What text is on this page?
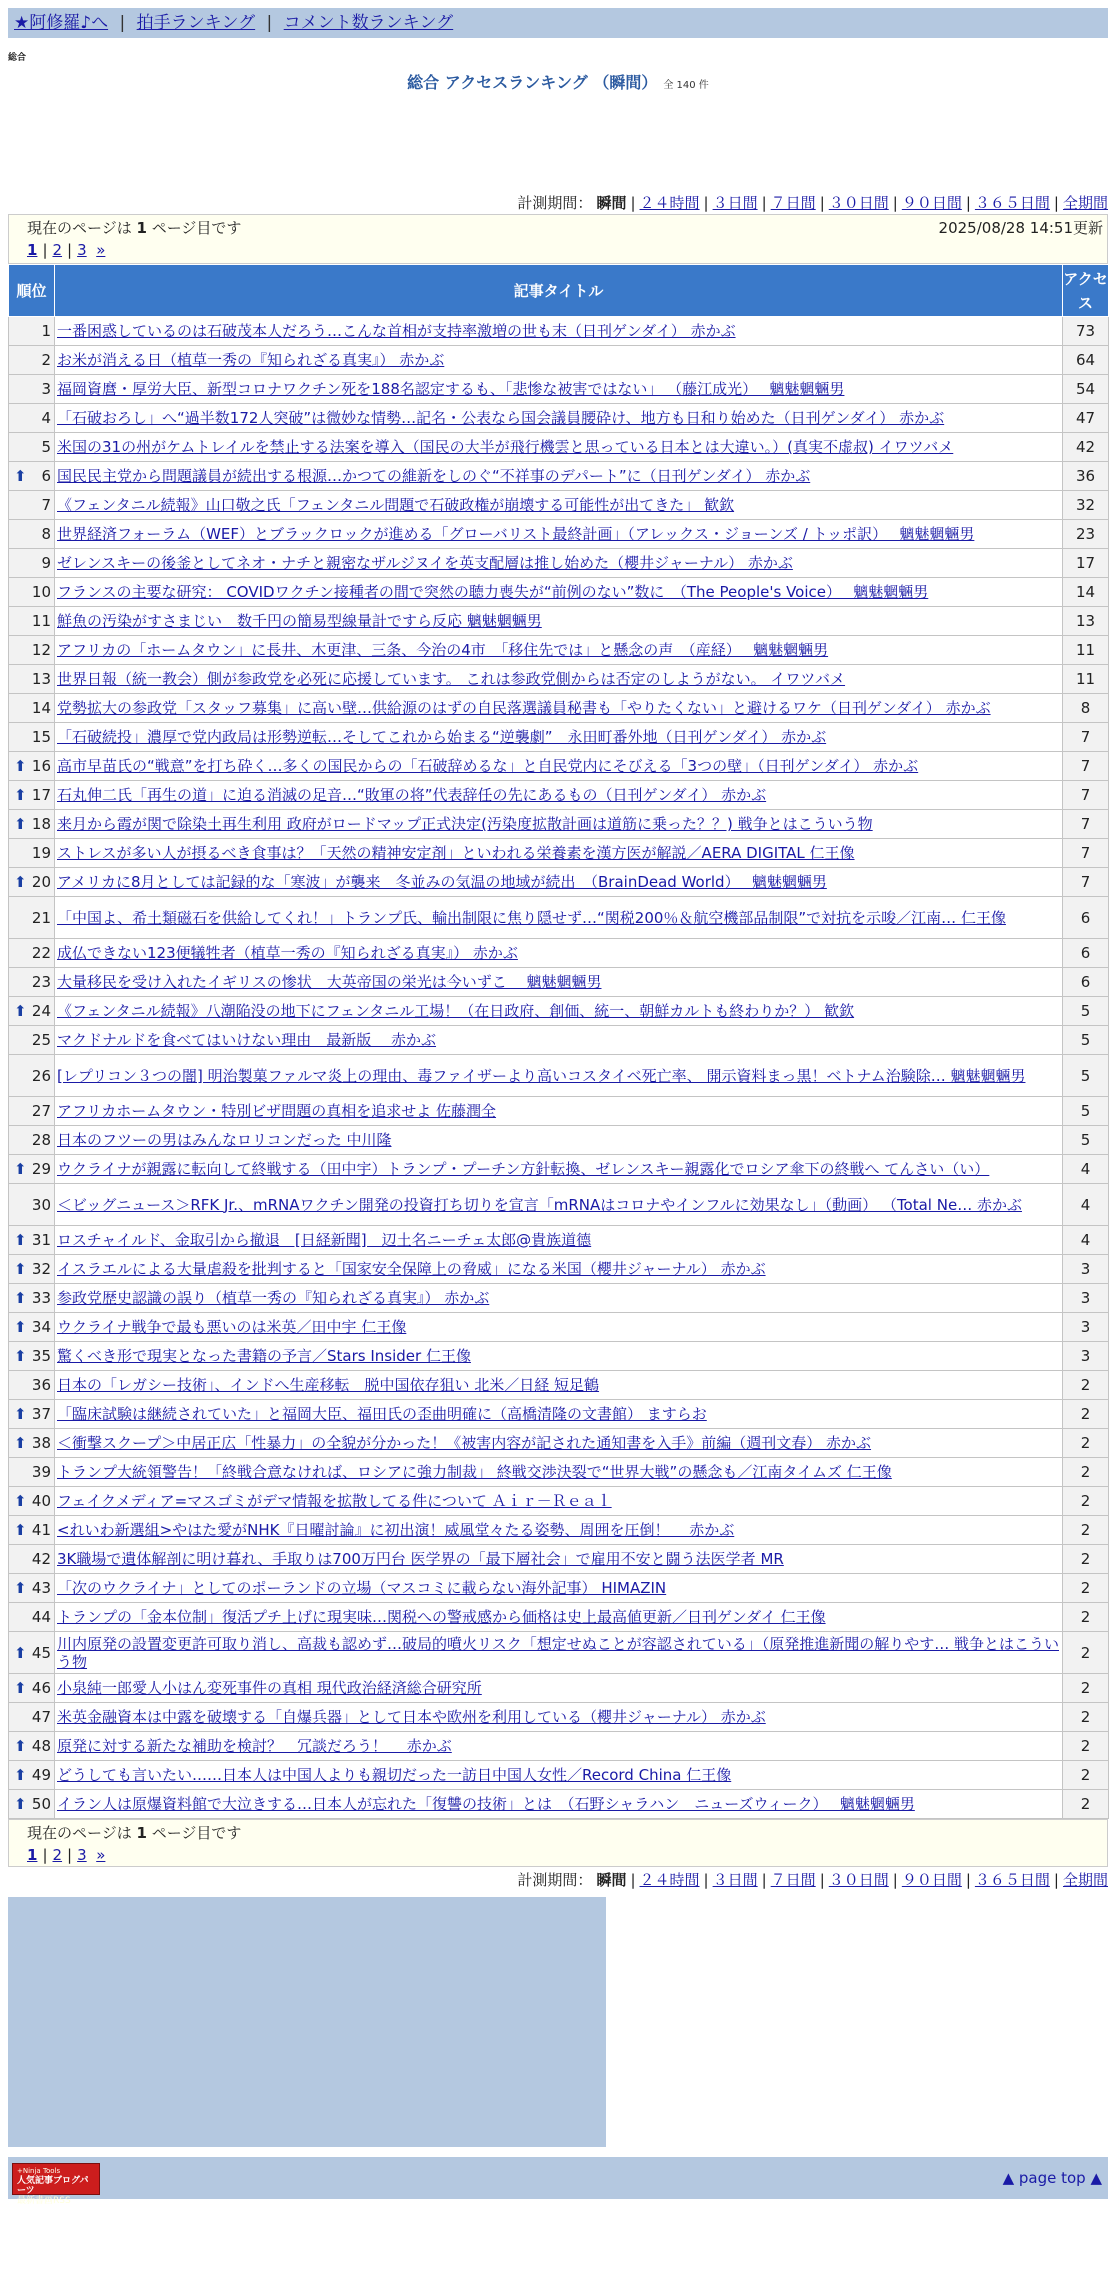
★阿修羅♪へ | 拍手ランキング | コメント数ランキング
総合
総合 アクセスランキング （瞬間） 全 140 件
計測期間： 瞬間 | ２４時間 | ３日間 | ７日間 | ３０日間 | ９０日間 | ３６５日間 | 全期間
現在のページは 1 ページ目です	2025/08/28 14:51更新
1 | 2 | 3 »
順位	記事タイトル	アクセス
1	一番困惑しているのは石破茂本人だろう…こんな首相が支持率激増の世も末（日刊ゲンダイ） 赤かぶ	73
2	お米が消える日（植草一秀の『知られざる真実』） 赤かぶ	64
3	福岡資麿・厚労大臣、新型コロナワクチン死を188名認定するも、「悲惨な被害ではない」 （藤江成光）　 魑魅魍魎男	54
4	「石破おろし」へ“過半数172人突破”は微妙な情勢…記名・公表なら国会議員腰砕け、地方も日和り始めた（日刊ゲンダイ） 赤かぶ	47
5	米国の31の州がケムトレイルを禁止する法案を導入（国民の大半が飛行機雲と思っている日本とは大違い。）(真実不虚叔) イワツバメ	42

⬆ 6	国民民主党から問題議員が続出する根源…かつての維新をしのぐ“不祥事のデパート”に（日刊ゲンダイ） 赤かぶ	36
7	《フェンタニル続報》山口敬之氏「フェンタニル問題で石破政権が崩壊する可能性が出てきた」 歓欽	32
8	世界経済フォーラム（WEF）とブラックロックが進める「グローバリスト最終計画」（アレックス・ジョーンズ / トッポ訳）　 魑魅魍魎男	23
9	ゼレンスキーの後釜としてネオ・ナチと親密なザルジヌイを英支配層は推し始めた（櫻井ジャーナル） 赤かぶ	17
10	フランスの主要な研究： COVIDワクチン接種者の間で突然の聴力喪失が“前例のない”数に　（The People's Voice）　 魑魅魍魎男	14
11	鮮魚の汚染がすさまじい　数千円の簡易型線量計ですら反応 魑魅魍魎男	13
12	アフリカの「ホームタウン」に長井、木更津、三条、今治の4市　「移住先では」と懸念の声　（産経）　 魑魅魍魎男	11
13	世界日報（統一教会）側が参政党を必死に応援しています。 これは参政党側からは否定のしようがない。 イワツバメ	11
14	党勢拡大の参政党「スタッフ募集」に高い壁…供給源のはずの自民落選議員秘書も「やりたくない」と避けるワケ（日刊ゲンダイ） 赤かぶ	8
15	「石破続投」濃厚で党内政局は形勢逆転…そしてこれから始まる“逆襲劇”　永田町番外地（日刊ゲンダイ） 赤かぶ	7

⬆ 16	高市早苗氏の“戦意”を打ち砕く…多くの国民からの「石破辞めるな」と自民党内にそびえる「3つの壁」（日刊ゲンダイ） 赤かぶ	7

⬆ 17	石丸伸二氏「再生の道」に迫る消滅の足音…“敗軍の将”代表辞任の先にあるもの（日刊ゲンダイ） 赤かぶ	7

⬆ 18	来月から霞が関で除染土再生利用 政府がロードマップ正式決定(汚染度拡散計画は道筋に乗った？？) 戦争とはこういう物	7
19	ストレスが多い人が摂るべき食事は？「天然の精神安定剤」といわれる栄養素を漢方医が解説／AERA DIGITAL 仁王像	7

⬆ 20	アメリカに8月としては記録的な「寒波」が襲来　冬並みの気温の地域が続出　（BrainDead World）　 魑魅魍魎男	7
21	「中国よ、希土類磁石を供給してくれ！」トランプ氏、輸出制限に焦り隠せず…“関税200％＆航空機部品制限”で対抗を示唆／江南… 仁王像	6
22	成仏できない123便犠牲者（植草一秀の『知られざる真実』） 赤かぶ	6
23	大量移民を受け入れたイギリスの惨状　大英帝国の栄光は今いずこ　 魑魅魍魎男	6

⬆ 24	《フェンタニル続報》八潮陥没の地下にフェンタニル工場！（在日政府、創価、統一、朝鮮カルトも終わりか？） 歓欽	5
25	マクドナルドを食べてはいけない理由　最新版　 赤かぶ	5
26	[レプリコン３つの闇] 明治製菓ファルマ炎上の理由、毒ファイザーより高いコスタイベ死亡率、 開示資料まっ黒！ベトナム治験除… 魑魅魍魎男	5
27	アフリカホームタウン・特別ビザ問題の真相を追求せよ 佐藤潤全	5
28	日本のフツーの男はみんなロリコンだった 中川隆	5

⬆ 29	ウクライナが親露に転向して終戦する（田中宇）トランプ・プーチン方針転換、ゼレンスキー親露化でロシア傘下の終戦へ てんさい（い）	4
30	＜ビッグニュース＞RFK Jr.、mRNAワクチン開発の投資打ち切りを宣言「mRNAはコロナやインフルに効果なし」（動画） （Total Ne… 赤かぶ	4

⬆ 31	ロスチャイルド、金取引から撤退　[日経新聞]　辺土名ニーチェ太郎@貴族道德	4

⬆ 32	イスラエルによる大量虐殺を批判すると「国家安全保障上の脅威」になる米国（櫻井ジャーナル） 赤かぶ	3

⬆ 33	参政党歴史認識の誤り（植草一秀の『知られざる真実』） 赤かぶ	3

⬆ 34	ウクライナ戦争で最も悪いのは米英／田中宇 仁王像	3

⬆ 35	驚くべき形で現実となった書籍の予言／Stars Insider 仁王像	3
36	日本の「レガシー技術」、インドへ生産移転　脱中国依存狙い 北米／日経 短足鶴	2

⬆ 37	「臨床試験は継続されていた」と福岡大臣、福田氏の歪曲明確に（高橋清隆の文書館） ますらお	2

⬆ 38	＜衝撃スクープ＞中居正広「性暴力」の全貌が分かった！《被害内容が記された通知書を入手》前編（週刊文春） 赤かぶ	2
39	トランプ大統領警告！「終戦合意なければ、ロシアに強力制裁」 終戦交渉決裂で“世界大戦”の懸念も／江南タイムズ 仁王像	2

⬆ 40	フェイクメディア=マスゴミがデマ情報を拡散してる件について Ａｉｒ－Ｒｅａｌ	2

⬆ 41	<れいわ新選組>やはた愛がNHK『日曜討論』に初出演！威風堂々たる姿勢、周囲を圧倒！　 赤かぶ	2
42	3K職場で遺体解剖に明け暮れ、手取りは700万円台 医学界の「最下層社会」で雇用不安と闘う法医学者 MR	2

⬆ 43	「次のウクライナ」としてのポーランドの立場（マスコミに載らない海外記事） HIMAZIN	2
44	トランプの「金本位制」復活プチ上げに現実味…関税への警戒感から価格は史上最高値更新／日刊ゲンダイ 仁王像	2

⬆ 45	川内原発の設置変更許可取り消し、高裁も認めず…破局的噴火リスク「想定せぬことが容認されている」（原発推進新聞の解りやす… 戦争とはこういう物	2

⬆ 46	小泉純一郎愛人小はん変死事件の真相 現代政治経済総合研究所	2
47	米英金融資本は中露を破壊する「自爆兵器」として日本や欧州を利用している（櫻井ジャーナル） 赤かぶ	2

⬆ 48	原発に対する新たな補助を検討？　冗談だろう！　 赤かぶ	2

⬆ 49	どうしても言いたい……日本人は中国人よりも親切だった一訪日中国人女性／Record China 仁王像	2

⬆ 50	イラン人は原爆資料館で大泣きする…日本人が忘れた「復讐の技術」とは　（石野シャラハン　ニューズウィーク）　 魑魅魍魎男	2
現在のページは 1 ページ目です
1 | 2 | 3 »
計測期間： 瞬間 | ２４時間 | ３日間 | ７日間 | ３０日間 | ９０日間 | ３６５日間 | 全期間
+Ninja Tools
人気記事ブログパーツ
最新書画RSS
▲ page top ▲
